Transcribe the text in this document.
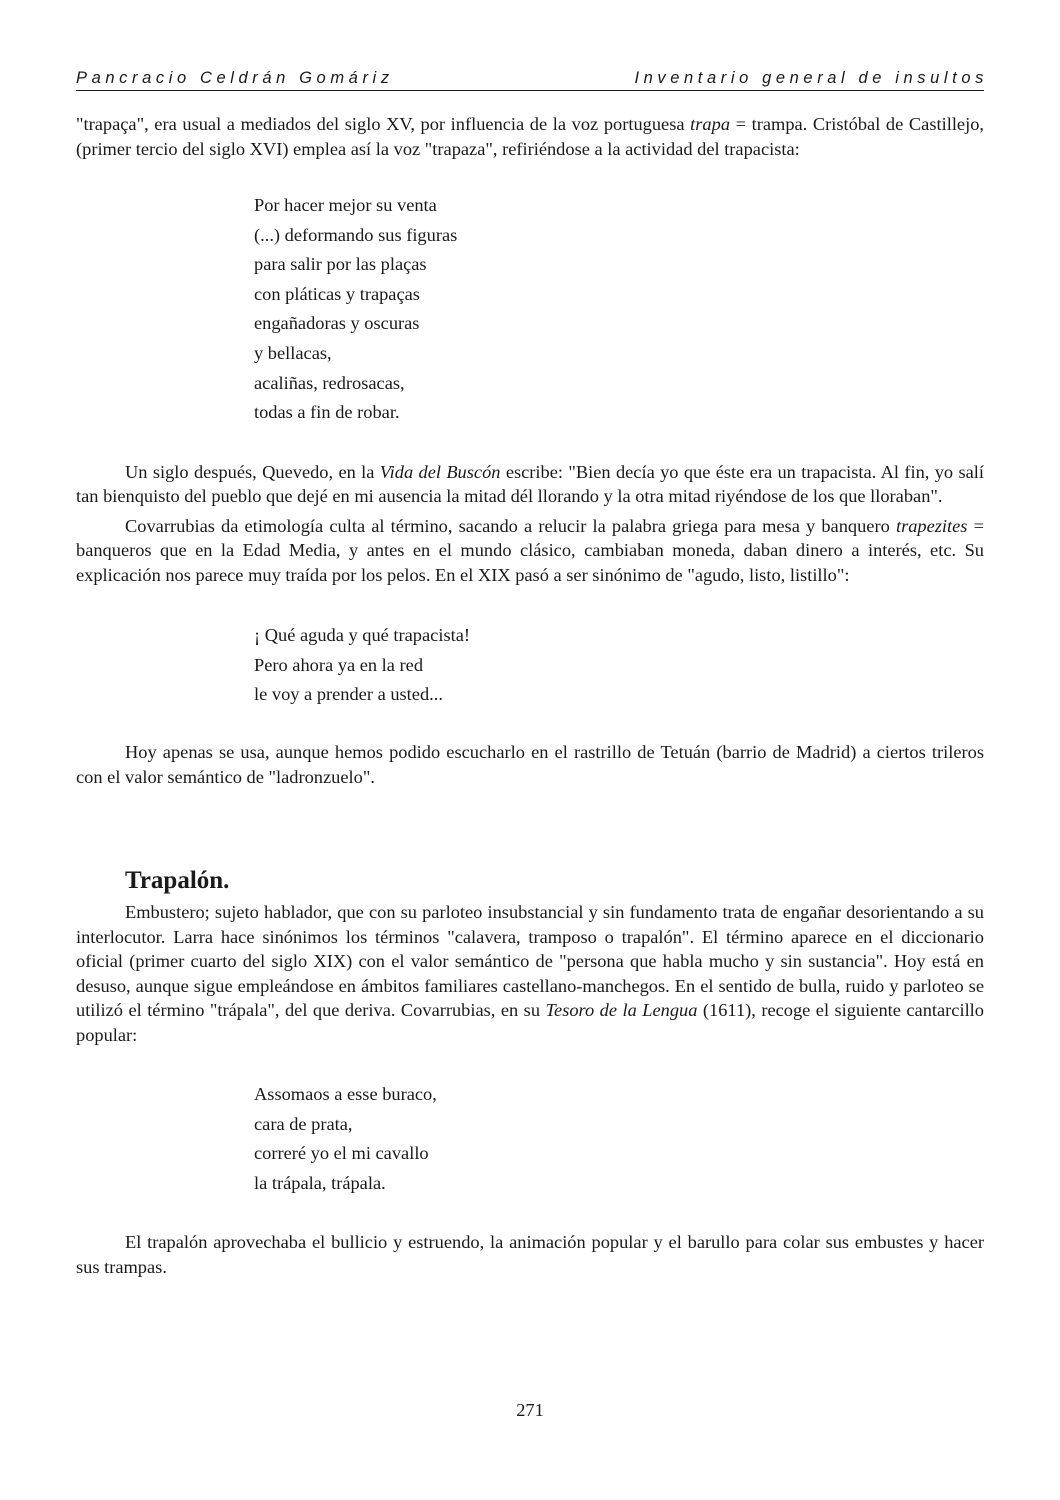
Pancracio Celdrán Gomáriz	Inventario general de insultos

"trapaça", era usual a mediados del siglo XV, por influencia de la voz portuguesa trapa = trampa. Cristóbal de Castillejo, (primer tercio del siglo XVI) emplea así la voz "trapaza", refiriéndose a la actividad del trapacista:

Por hacer mejor su venta
(...) deformando sus figuras
para salir por las plaças
con pláticas y trapaças
engañadoras y oscuras
y bellacas,
acaliñas, redrosacas,
todas a fin de robar.

Un siglo después, Quevedo, en la Vida del Buscón escribe: "Bien decía yo que éste era un trapacista. Al fin, yo salí tan bienquisto del pueblo que dejé en mi ausencia la mitad dél llorando y la otra mitad riyéndose de los que lloraban".

Covarrubias da etimología culta al término, sacando a relucir la palabra griega para mesa y banquero trapezites = banqueros que en la Edad Media, y antes en el mundo clásico, cambiaban moneda, daban dinero a interés, etc. Su explicación nos parece muy traída por los pelos. En el XIX pasó a ser sinónimo de "agudo, listo, listillo":

¡ Qué aguda y qué trapacista!
Pero ahora ya en la red
le voy a prender a usted...

Hoy apenas se usa, aunque hemos podido escucharlo en el rastrillo de Tetuán (barrio de Madrid) a ciertos trileros con el valor semántico de "ladronzuelo".

Trapalón.

Embustero; sujeto hablador, que con su parloteo insubstancial y sin fundamento trata de engañar desorientando a su interlocutor. Larra hace sinónimos los términos "calavera, tramposo o trapalón". El término aparece en el diccionario oficial (primer cuarto del siglo XIX) con el valor semántico de "persona que habla mucho y sin sustancia". Hoy está en desuso, aunque sigue empleándose en ámbitos familiares castellano-manchegos. En el sentido de bulla, ruido y parloteo se utilizó el término "trápala", del que deriva. Covarrubias, en su Tesoro de la Lengua (1611), recoge el siguiente cantarcillo popular:

Assomaos a esse buraco,
cara de prata,
correré yo el mi cavallo
la trápala, trápala.

El trapalón aprovechaba el bullicio y estruendo, la animación popular y el barullo para colar sus embustes y hacer sus trampas.

271
